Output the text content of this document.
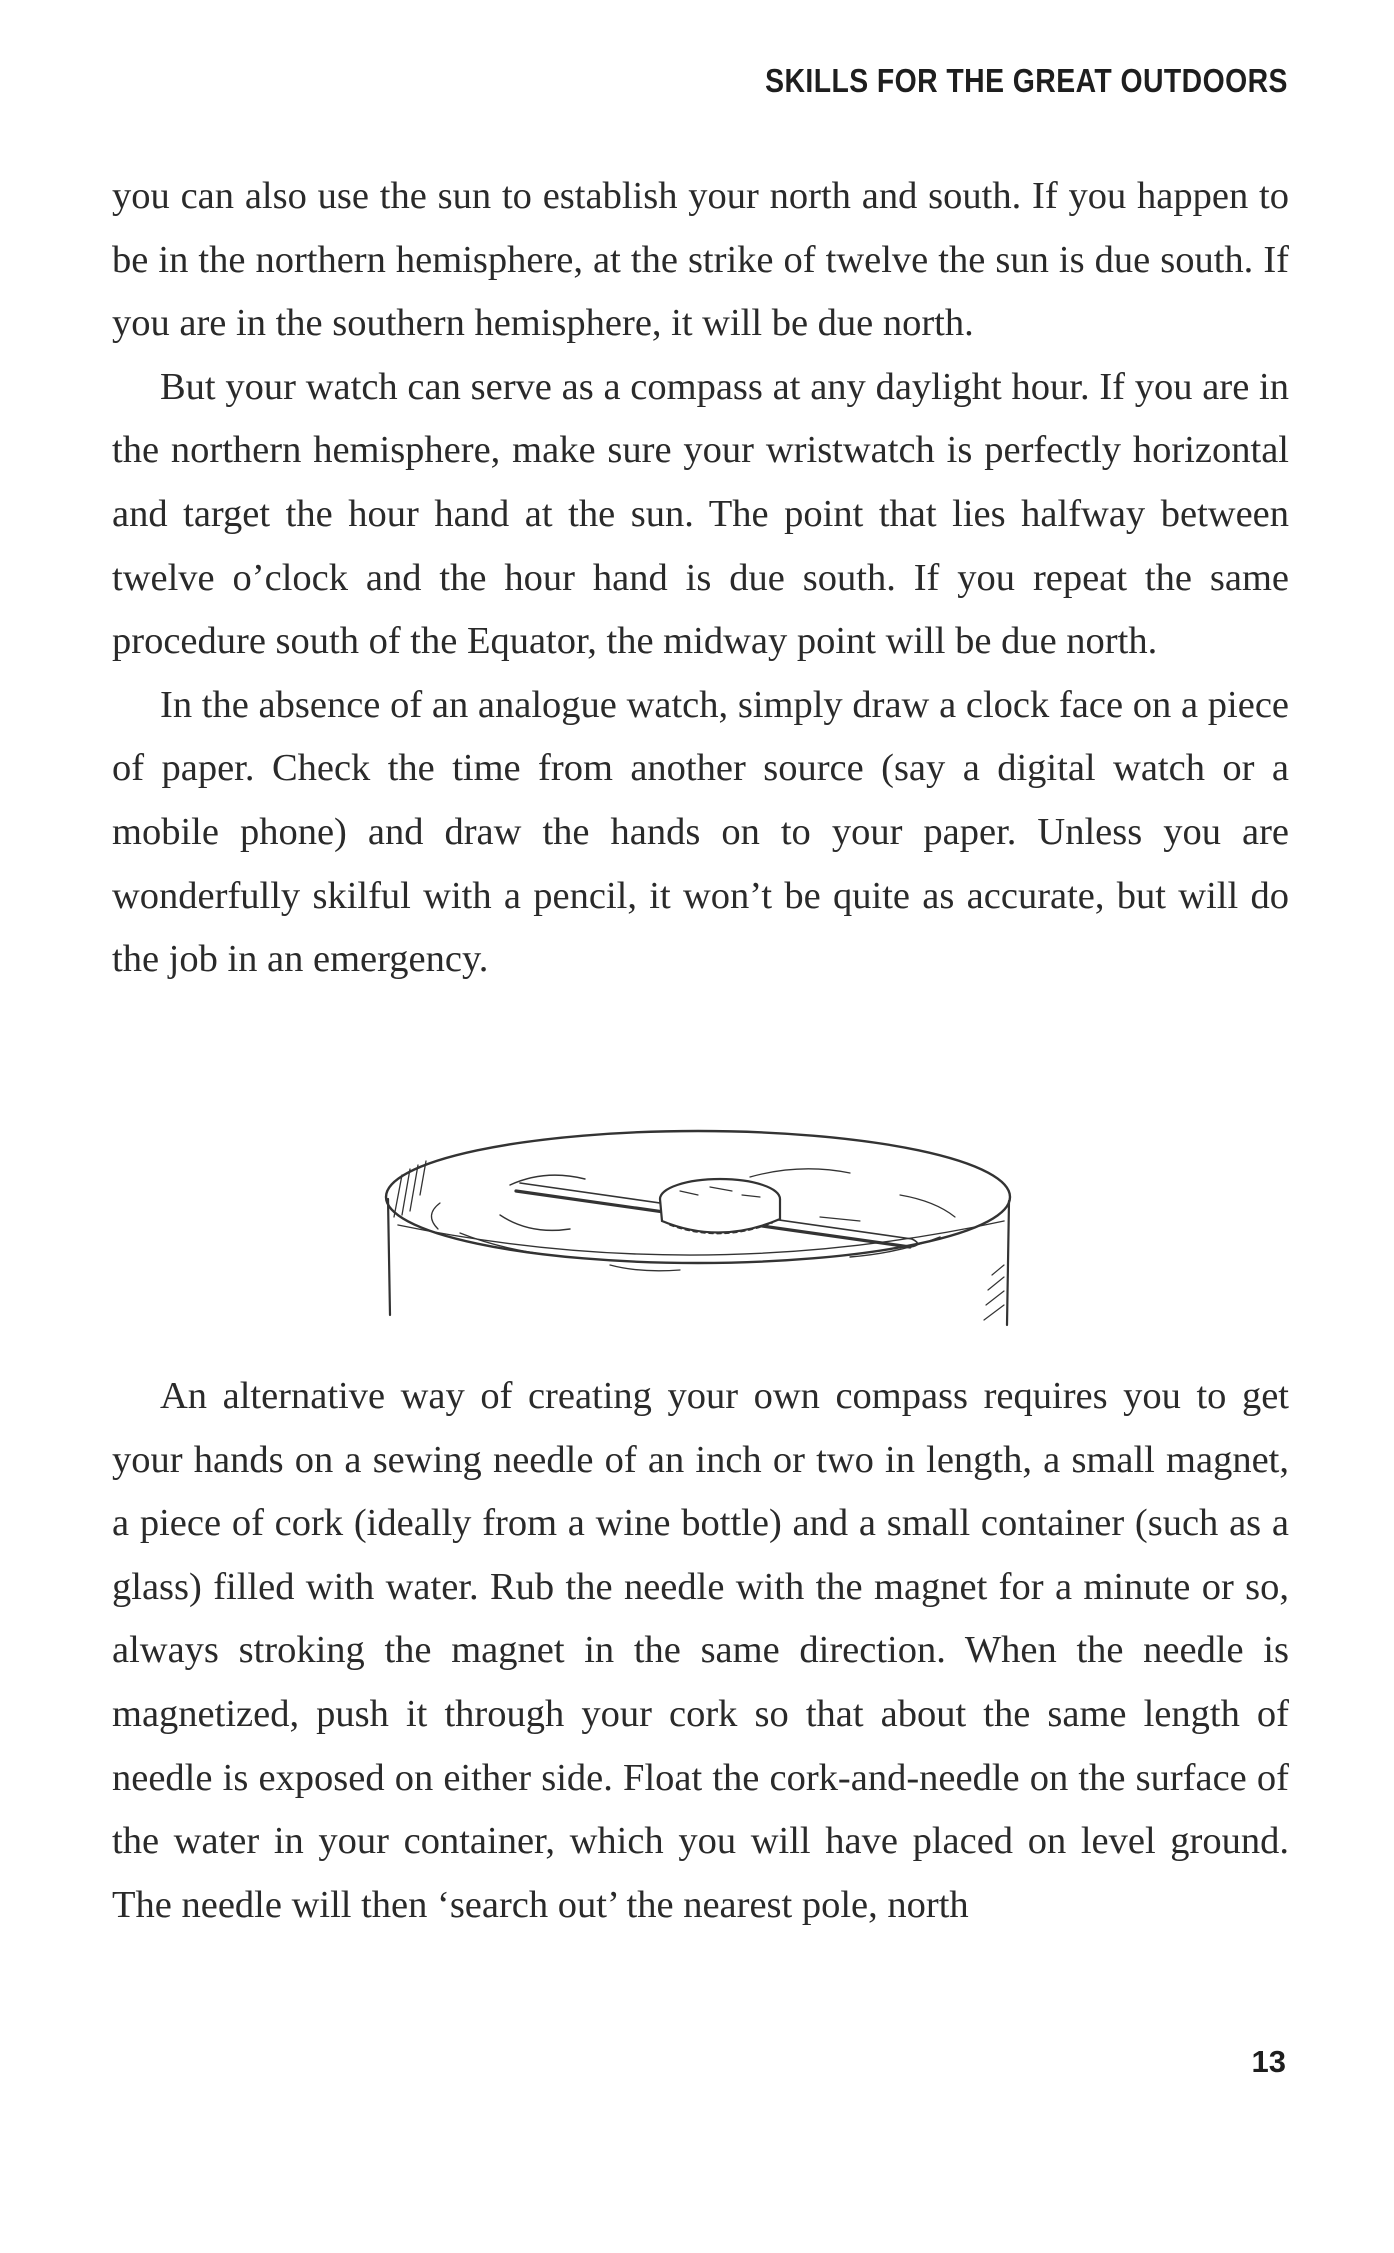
SKILLS FOR THE GREAT OUTDOORS

you can also use the sun to establish your north and south. If you happen to be in the northern hemisphere, at the strike of twelve the sun is due south. If you are in the southern hemisphere, it will be due north.

But your watch can serve as a compass at any daylight hour. If you are in the northern hemisphere, make sure your wristwatch is perfectly horizontal and target the hour hand at the sun. The point that lies halfway between twelve o’clock and the hour hand is due south. If you repeat the same procedure south of the Equator, the midway point will be due north.

In the absence of an analogue watch, simply draw a clock face on a piece of paper. Check the time from another source (say a digital watch or a mobile phone) and draw the hands on to your paper. Unless you are wonderfully skilful with a pencil, it won’t be quite as accurate, but will do the job in an emergency.

An alternative way of creating your own compass requires you to get your hands on a sewing needle of an inch or two in length, a small magnet, a piece of cork (ideally from a wine bottle) and a small container (such as a glass) filled with water. Rub the needle with the magnet for a minute or so, always stroking the magnet in the same direction. When the needle is magnetized, push it through your cork so that about the same length of needle is exposed on either side. Float the cork-and-needle on the surface of the water in your container, which you will have placed on level ground. The needle will then ‘search out’ the nearest pole, north

13
